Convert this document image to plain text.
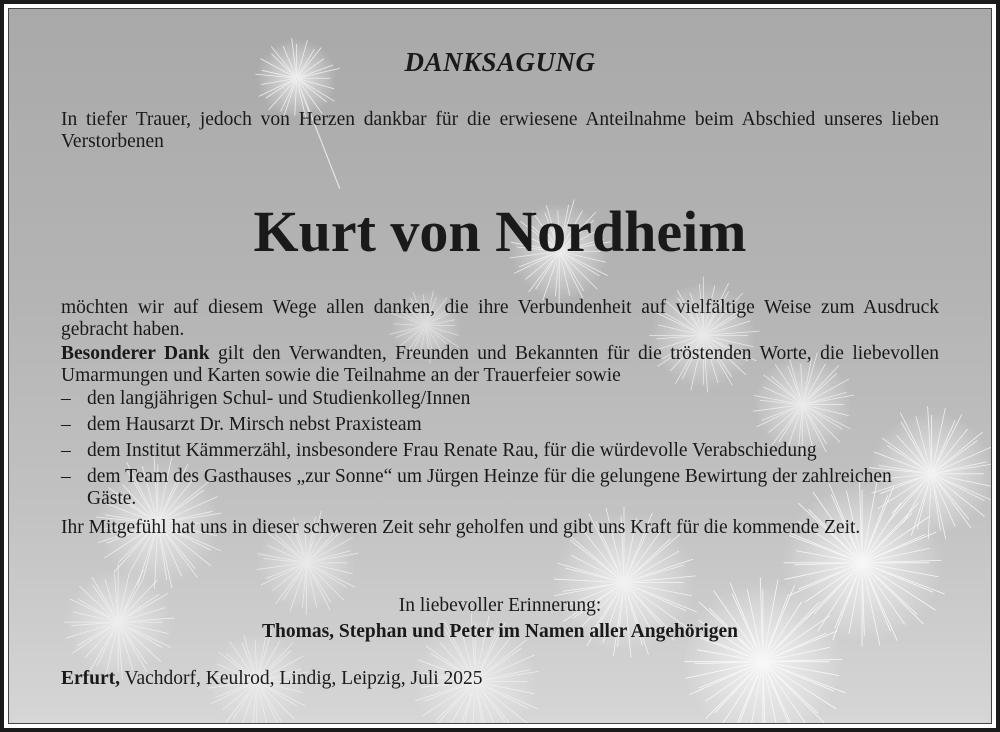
DANKSAGUNG
In tiefer Trauer, jedoch von Herzen dankbar für die erwiesene Anteilnahme beim Abschied unseres lieben Verstorbenen
Kurt von Nordheim
möchten wir auf diesem Wege allen danken, die ihre Verbundenheit auf vielfältige Weise zum Ausdruck gebracht haben.
Besonderer Dank gilt den Verwandten, Freunden und Bekannten für die tröstenden Worte, die liebevollen Umarmungen und Karten sowie die Teilnahme an der Trauerfeier sowie
– den langjährigen Schul- und Studienkolleg/Innen
– dem Hausarzt Dr. Mirsch nebst Praxisteam
– dem Institut Kämmerzähl, insbesondere Frau Renate Rau, für die würdevolle Verabschiedung
– dem Team des Gasthauses „zur Sonne“ um Jürgen Heinze für die gelungene Bewirtung der zahlreichen Gäste.
Ihr Mitgefühl hat uns in dieser schweren Zeit sehr geholfen und gibt uns Kraft für die kommende Zeit.
In liebevoller Erinnerung:
Thomas, Stephan und Peter im Namen aller Angehörigen
Erfurt, Vachdorf, Keulrod, Lindig, Leipzig, Juli 2025
